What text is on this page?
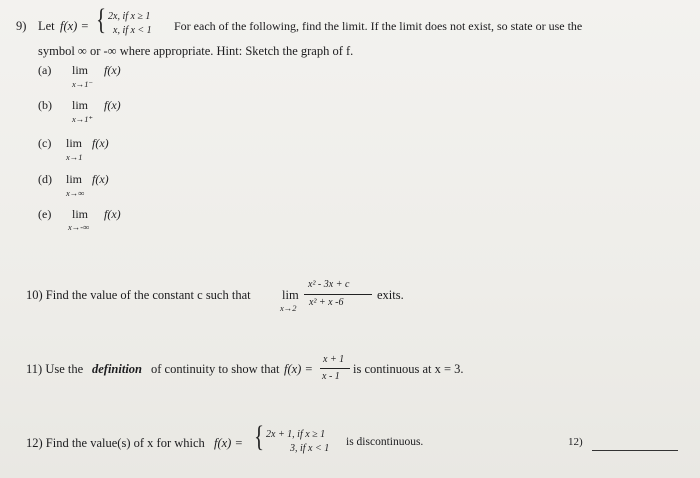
9) Let f(x) = { 2x, if x ≥ 1
x, if x < 1 For each of the following, find the limit. If the limit does not exist, so state or use the
symbol ∞ or -∞ where appropriate. Hint: Sketch the graph of f.
(a) lim f(x)
x→1⁻
(b) lim f(x)
x→1⁺
(c) lim f(x)
x→1
(d) lim f(x)
x→∞
(e) lim f(x)
x→-∞
10) Find the value of the constant c such that	lim
x→2
x² - 3x + c
x² + x -6
exits.
11) Use the definition of continuity to show that f(x) =
x + 1
x - 1
is continuous at x = 3.
12) Find the value(s) of x for which f(x) = { 2x + 1, if x ≥ 1
3, if x < 1
is discontinuous.	12)
